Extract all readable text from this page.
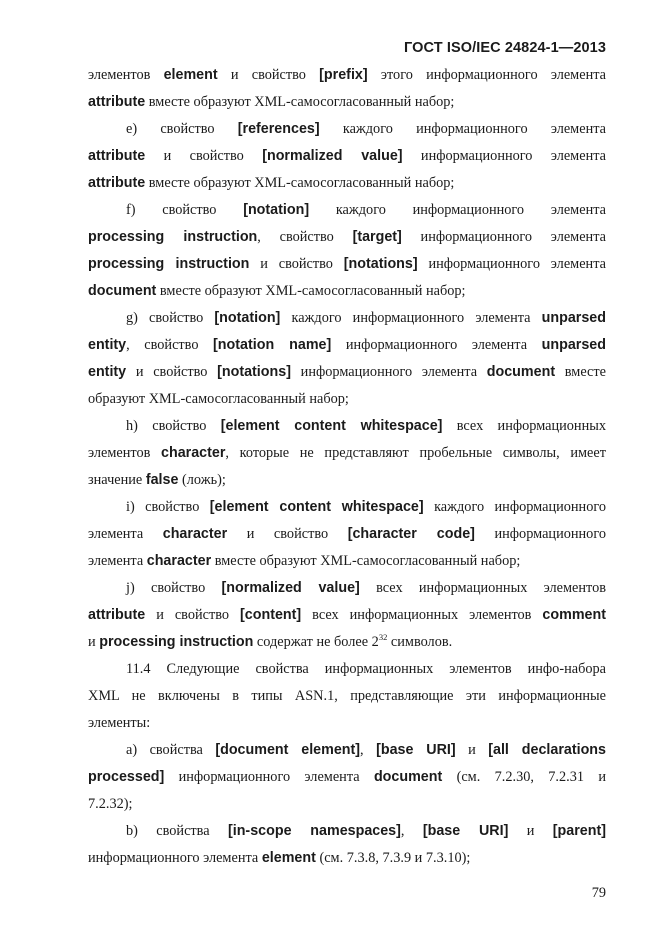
ГОСТ ISO/IEC 24824-1—2013
элементов element и свойство [prefix] этого информационного элемента
attribute вместе образуют XML-самосогласованный набор;
e) свойство [references] каждого информационного элемента
attribute и свойство [normalized value] информационного элемента
attribute вместе образуют XML-самосогласованный набор;
f) свойство [notation] каждого информационного элемента
processing instruction, свойство [target] информационного элемента
processing instruction и свойство [notations] информационного элемента
document вместе образуют XML-самосогласованный набор;
g) свойство [notation] каждого информационного элемента unparsed
entity, свойство [notation name] информационного элемента unparsed
entity и свойство [notations] информационного элемента document вместе
образуют XML-самосогласованный набор;
h) свойство [element content whitespace] всех информационных
элементов character, которые не представляют пробельные символы, имеет
значение false (ложь);
i) свойство [element content whitespace] каждого информационного
элемента character и свойство [character code] информационного
элемента character вместе образуют XML-самосогласованный набор;
j) свойство [normalized value] всех информационных элементов
attribute и свойство [content] всех информационных элементов comment
и processing instruction содержат не более $2^{32}$ символов.
11.4 Следующие свойства информационных элементов инфо-набора
XML не включены в типы ASN.1, представляющие эти информационные
элементы:
a) свойства [document element], [base URI] и [all declarations
processed] информационного элемента document (см. 7.2.30, 7.2.31 и
7.2.32);
b) свойства [in-scope namespaces], [base URI] и [parent]
информационного элемента element (см. 7.3.8, 7.3.9 и 7.3.10);
79
